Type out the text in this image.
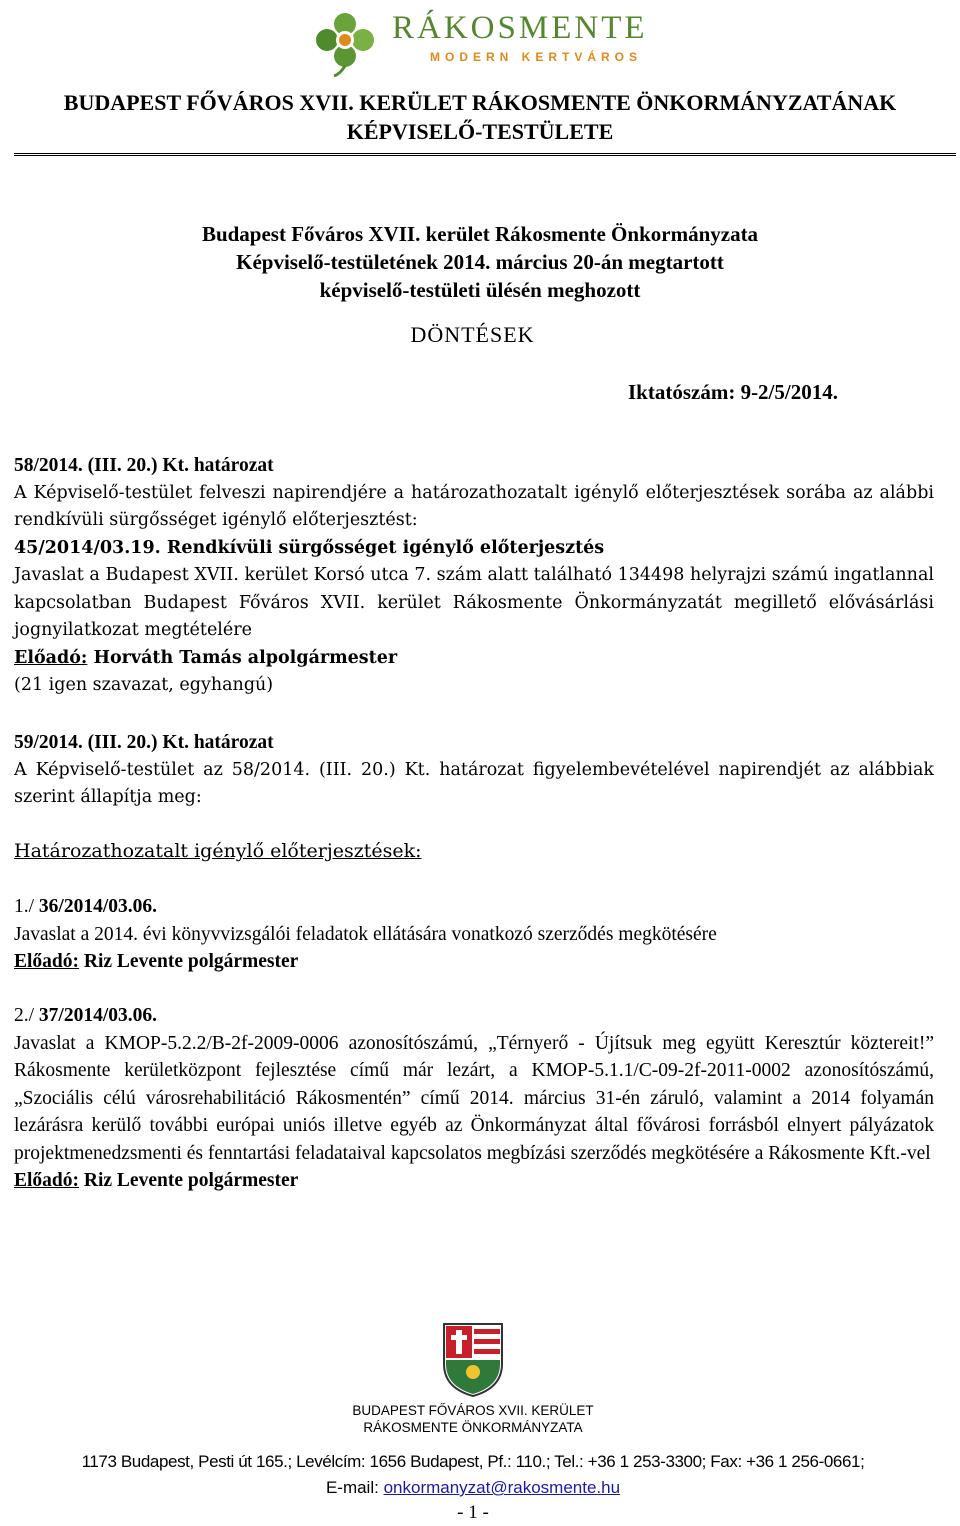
RÁKOSMENTE
MODERN KERTVÁROS
BUDAPEST FŐVÁROS XVII. KERÜLET RÁKOSMENTE ÖNKORMÁNYZATÁNAK
KÉPVISELŐ-TESTÜLETE
Budapest Főváros XVII. kerület Rákosmente Önkormányzata
Képviselő-testületének 2014. március 20-án megtartott
képviselő-testületi ülésén meghozott
DÖNTÉSEK
Iktatószám: 9-2/5/2014.
58/2014. (III. 20.) Kt. határozat
A Képviselő-testület felveszi napirendjére a határozathozatalt igénylő előterjesztések sorába az alábbi rendkívüli sürgősséget igénylő előterjesztést:
45/2014/03.19. Rendkívüli sürgősséget igénylő előterjesztés
Javaslat a Budapest XVII. kerület Korsó utca 7. szám alatt található 134498 helyrajzi számú ingatlannal kapcsolatban Budapest Főváros XVII. kerület Rákosmente Önkormányzatát megillető elővásárlási jognyilatkozat megtételére
Előadó: Horváth Tamás alpolgármester
(21 igen szavazat, egyhangú)
59/2014. (III. 20.) Kt. határozat
A Képviselő-testület az 58/2014. (III. 20.) Kt. határozat figyelembevételével napirendjét az alábbiak szerint állapítja meg:
Határozathozatalt igénylő előterjesztések:
1./ 36/2014/03.06.
Javaslat a 2014. évi könyvvizsgálói feladatok ellátására vonatkozó szerződés megkötésére
Előadó: Riz Levente polgármester
2./ 37/2014/03.06.
Javaslat a KMOP-5.2.2/B-2f-2009-0006 azonosítószámú, „Térnyerő - Újítsuk meg együtt Keresztúr köztereit!” Rákosmente kerületközpont fejlesztése című már lezárt, a KMOP-5.1.1/C-09-2f-2011-0002 azonosítószámú, „Szociális célú városrehabilitáció Rákosmentén” című 2014. március 31-én záruló, valamint a 2014 folyamán lezárásra kerülő további európai uniós illetve egyéb az Önkormányzat által fővárosi forrásból elnyert pályázatok projektmenedzsmenti és fenntartási feladataival kapcsolatos megbízási szerződés megkötésére a Rákosmente Kft.-vel
Előadó: Riz Levente polgármester
BUDAPEST FŐVÁROS XVII. KERÜLET
RÁKOSMENTE ÖNKORMÁNYZATA
1173 Budapest, Pesti út 165.; Levélcím: 1656 Budapest, Pf.: 110.; Tel.: +36 1 253-3300; Fax: +36 1 256-0661;
E-mail: onkormanyzat@rakosmente.hu
- 1 -
